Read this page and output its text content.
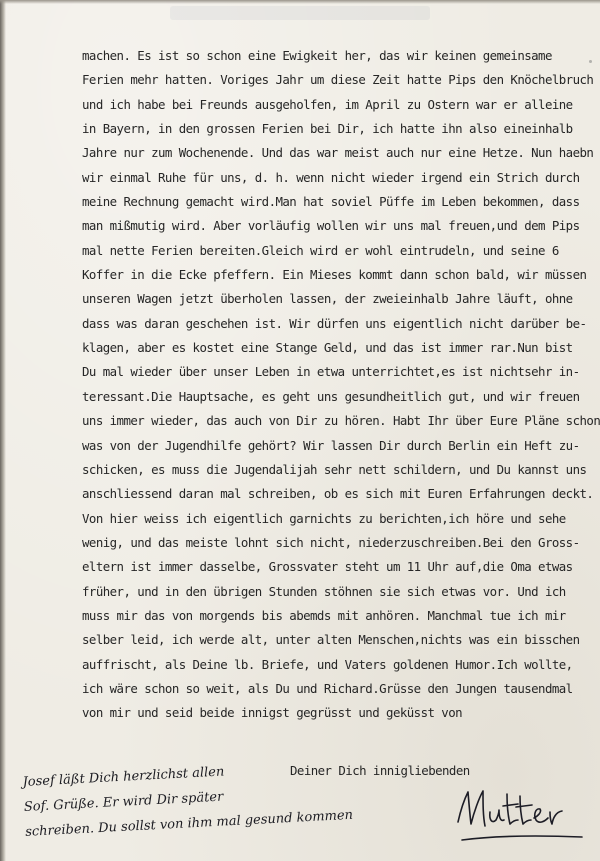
machen. Es ist so schon eine Ewigkeit her, das wir keinen gemeinsame
Ferien mehr hatten. Voriges Jahr um diese Zeit hatte Pips den Knöchelbruch
und ich habe bei Freunds ausgeholfen, im April zu Ostern war er alleine
in Bayern, in den grossen Ferien bei Dir, ich hatte ihn also eineinhalb
Jahre nur zum Wochenende. Und das war meist auch nur eine Hetze. Nun haebn
wir einmal Ruhe für uns, d. h. wenn nicht wieder irgend ein Strich durch
meine Rechnung gemacht wird.Man hat soviel Püffe im Leben bekommen, dass
man mißmutig wird. Aber vorläufig wollen wir uns mal freuen,und dem Pips
mal nette Ferien bereiten.Gleich wird er wohl eintrudeln, und seine 6
Koffer in die Ecke pfeffern. Ein Mieses kommt dann schon bald, wir müssen
unseren Wagen jetzt überholen lassen, der zweieinhalb Jahre läuft, ohne
dass was daran geschehen ist. Wir dürfen uns eigentlich nicht darüber be-
klagen, aber es kostet eine Stange Geld, und das ist immer rar.Nun bist
Du mal wieder über unser Leben in etwa unterrichtet,es ist nichtsehr in-
teressant.Die Hauptsache, es geht uns gesundheitlich gut, und wir freuen
uns immer wieder, das auch von Dir zu hören. Habt Ihr über Eure Pläne schon
was von der Jugendhilfe gehört? Wir lassen Dir durch Berlin ein Heft zu-
schicken, es muss die Jugendalijah sehr nett schildern, und Du kannst uns
anschliessend daran mal schreiben, ob es sich mit Euren Erfahrungen deckt.
Von hier weiss ich eigentlich garnichts zu berichten,ich höre und sehe
wenig, und das meiste lohnt sich nicht, niederzuschreiben.Bei den Gross-
eltern ist immer dasselbe, Grossvater steht um 11 Uhr auf,die Oma etwas
früher, und in den übrigen Stunden stöhnen sie sich etwas vor. Und ich
muss mir das von morgends bis abemds mit anhören. Manchmal tue ich mir
selber leid, ich werde alt, unter alten Menschen,nichts was ein bisschen
auffrischt, als Deine lb. Briefe, und Vaters goldenen Humor.Ich wollte,
ich wäre schon so weit, als Du und Richard.Grüsse den Jungen tausendmal
von mir und seid beide innigst gegrüsst und geküsst von
Deiner Dich innigliebenden
Josef läßt Dich herzlichst allen
Sof. Grüße. Er wird Dir später
schreiben. Du sollst von ihm mal gesund kommen
